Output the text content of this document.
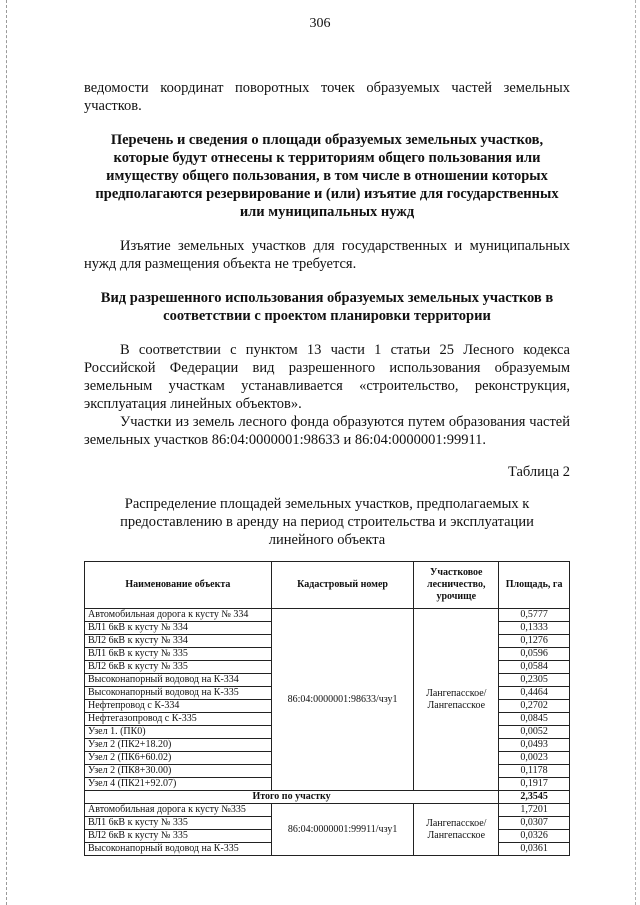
306

ведомости координат поворотных точек образуемых частей земельных участков.

Перечень и сведения о площади образуемых земельных участков, которые будут отнесены к территориям общего пользования или имуществу общего пользования, в том числе в отношении которых предполагаются резервирование и (или) изъятие для государственных или муниципальных нужд

Изъятие земельных участков для государственных и муниципальных нужд для размещения объекта не требуется.

Вид разрешенного использования образуемых земельных участков в соответствии с проектом планировки территории

В соответствии с пунктом 13 части 1 статьи 25 Лесного кодекса Российской Федерации вид разрешенного использования образуемым земельным участкам устанавливается «строительство, реконструкция, эксплуатация линейных объектов».

Участки из земель лесного фонда образуются путем образования частей земельных участков 86:04:0000001:98633 и 86:04:0000001:99911.

Таблица 2

Распределение площадей земельных участков, предполагаемых к предоставлению в аренду на период строительства и эксплуатации линейного объекта

Наименование объекта	Кадастровый номер	Участковое лесничество, урочище	Площадь, га
Автомобильная дорога к кусту № 334	86:04:0000001:98633/чзу1	Лангепасское/ Лангепасское	0,5777
ВЛ1 6кВ к кусту № 334			0,1333
ВЛ2 6кВ к кусту № 334			0,1276
ВЛ1 6кВ к кусту № 335			0,0596
ВЛ2 6кВ к кусту № 335			0,0584
Высоконапорный водовод на К-334			0,2305
Высоконапорный водовод на К-335			0,4464
Нефтепровод с К-334			0,2702
Нефтегазопровод с К-335			0,0845
Узел 1. (ПК0)			0,0052
Узел 2 (ПК2+18.20)			0,0493
Узел 2 (ПК6+60.02)			0,0023
Узел 2 (ПК8+30.00)			0,1178
Узел 4 (ПК21+92.07)			0,1917
Итого по участку			2,3545
Автомобильная дорога к кусту №335	86:04:0000001:99911/чзу1	Лангепасское/ Лангепасское	1,7201
ВЛ1 6кВ к кусту № 335			0,0307
ВЛ2 6кВ к кусту № 335			0,0326
Высоконапорный водовод на К-335			0,0361
